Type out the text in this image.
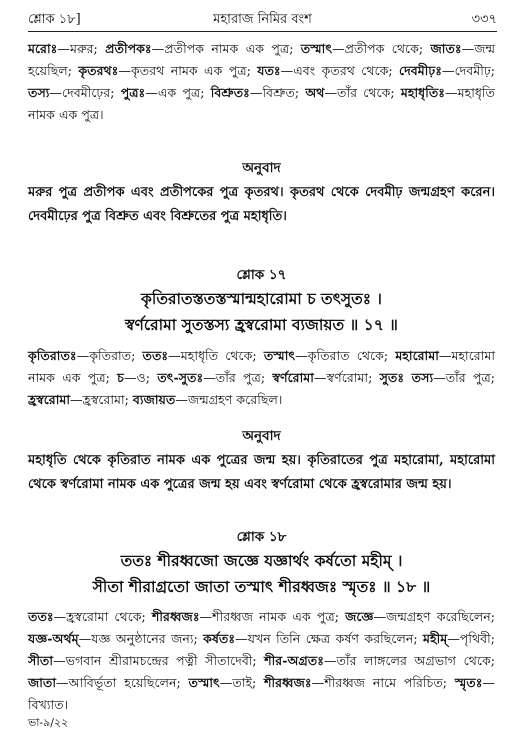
শ্লোক ১৮]	মহারাজ নিমির বংশ	৩৩৭
মরোঃ—মরুর; প্রতীপকঃ—প্রতীপক নামক এক পুত্র; তস্মাৎ—প্রতীপক থেকে; জাতঃ—জন্ম হয়েছিল; কৃতরথঃ—কৃতরথ নামক এক পুত্র; যতঃ—এবং কৃতরথ থেকে; দেবমীঢ়ঃ—দেবমীঢ়; তস্য—দেবমীঢ়ের; পুত্রঃ—এক পুত্র; বিশ্রুতঃ—বিশ্রুত; অথ—তাঁর থেকে; মহাধৃতিঃ—মহাধৃতি নামক এক পুত্র।
অনুবাদ
মরুর পুত্র প্রতীপক এবং প্রতীপকের পুত্র কৃতরথ। কৃতরথ থেকে দেবমীঢ় জন্মগ্রহণ করেন। দেবমীঢ়ের পুত্র বিশ্রুত এবং বিশ্রুতের পুত্র মহাধৃতি।
শ্লোক ১৭
কৃতিরাতস্ততস্তস্মান্মহারোমা চ তৎসুতঃ ।
স্বর্ণরোমা সুতস্তস্য হ্রস্বরোমা ব্যজায়ত ॥ ১৭ ॥
কৃতিরাতঃ—কৃতিরাত; ততঃ—মহাধৃতি থেকে; তস্মাৎ—কৃতিরাত থেকে; মহারোমা—মহারোমা নামক এক পুত্র; চ—ও; তৎ-সুতঃ—তাঁর পুত্র; স্বর্ণরোমা—স্বর্ণরোমা; সুতঃ তস্য—তাঁর পুত্র; হ্রস্বরোমা—হ্রস্বরোমা; ব্যজায়ত—জন্মগ্রহণ করেছিল।
অনুবাদ
মহাধৃতি থেকে কৃতিরাত নামক এক পুত্রের জন্ম হয়। কৃতিরাতের পুত্র মহারোমা, মহারোমা থেকে স্বর্ণরোমা নামক এক পুত্রের জন্ম হয় এবং স্বর্ণরোমা থেকে হ্রস্বরোমার জন্ম হয়।
শ্লোক ১৮
ততঃ শীরধ্বজো জজ্ঞে যজ্ঞার্থং কর্ষতো মহীম্ ।
সীতা শীরাগ্রতো জাতা তস্মাৎ শীরধ্বজঃ স্মৃতঃ ॥ ১৮ ॥
ততঃ—হ্রস্বরোমা থেকে; শীরধ্বজঃ—শীরধ্বজ নামক এক পুত্র; জজ্ঞে—জন্মগ্রহণ করেছিলেন; যজ্ঞ-অর্থম্—যজ্ঞ অনুষ্ঠানের জন্য; কর্ষতঃ—যখন তিনি ক্ষেত্র কর্ষণ করছিলেন; মহীম্—পৃথিবী; সীতা—ভগবান শ্রীরামচন্দ্রের পত্নী সীতাদেবী; শীর-অগ্রতঃ—তাঁর লাঙ্গলের অগ্রভাগ থেকে; জাতা—আবির্ভূতা হয়েছিলেন; তস্মাৎ—তাই; শীরধ্বজঃ—শীরধ্বজ নামে পরিচিত; স্মৃতঃ—বিখ্যাত।
ভা-৯/২২
